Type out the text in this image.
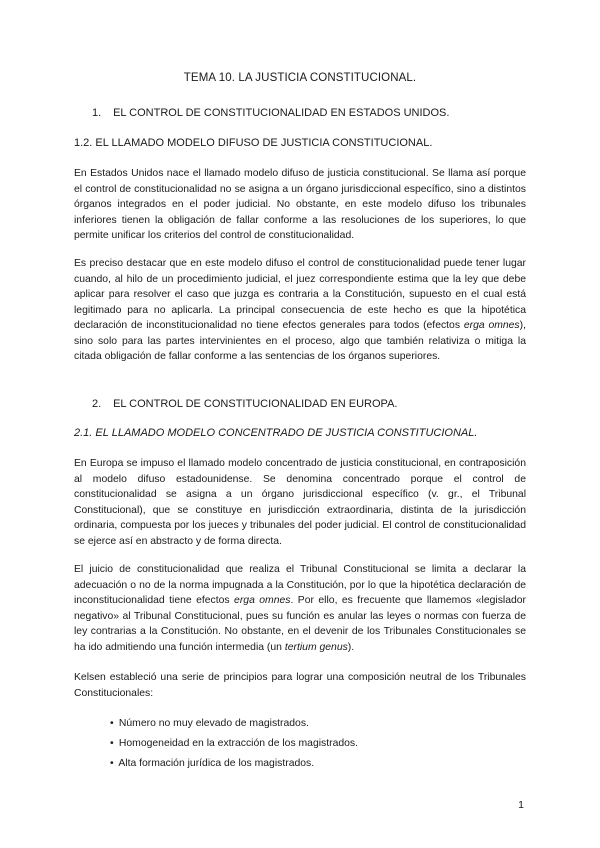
TEMA 10. LA JUSTICIA CONSTITUCIONAL.
1. EL CONTROL DE CONSTITUCIONALIDAD EN ESTADOS UNIDOS.
1.2. EL LLAMADO MODELO DIFUSO DE JUSTICIA CONSTITUCIONAL.

En Estados Unidos nace el llamado modelo difuso de justicia constitucional. Se llama así porque el control de constitucionalidad no se asigna a un órgano jurisdiccional específico, sino a distintos órganos integrados en el poder judicial. No obstante, en este modelo difuso los tribunales inferiores tienen la obligación de fallar conforme a las resoluciones de los superiores, lo que permite unificar los criterios del control de constitucionalidad.

Es preciso destacar que en este modelo difuso el control de constitucionalidad puede tener lugar cuando, al hilo de un procedimiento judicial, el juez correspondiente estima que la ley que debe aplicar para resolver el caso que juzga es contraria a la Constitución, supuesto en el cual está legitimado para no aplicarla. La principal consecuencia de este hecho es que la hipotética declaración de inconstitucionalidad no tiene efectos generales para todos (efectos erga omnes), sino solo para las partes intervinientes en el proceso, algo que también relativiza o mitiga la citada obligación de fallar conforme a las sentencias de los órganos superiores.

2. EL CONTROL DE CONSTITUCIONALIDAD EN EUROPA.
2.1. EL LLAMADO MODELO CONCENTRADO DE JUSTICIA CONSTITUCIONAL.

En Europa se impuso el llamado modelo concentrado de justicia constitucional, en contraposición al modelo difuso estadounidense. Se denomina concentrado porque el control de constitucionalidad se asigna a un órgano jurisdiccional específico (v. gr., el Tribunal Constitucional), que se constituye en jurisdicción extraordinaria, distinta de la jurisdicción ordinaria, compuesta por los jueces y tribunales del poder judicial. El control de constitucionalidad se ejerce así en abstracto y de forma directa.

El juicio de constitucionalidad que realiza el Tribunal Constitucional se limita a declarar la adecuación o no de la norma impugnada a la Constitución, por lo que la hipotética declaración de inconstitucionalidad tiene efectos erga omnes. Por ello, es frecuente que llamemos «legislador negativo» al Tribunal Constitucional, pues su función es anular las leyes o normas con fuerza de ley contrarias a la Constitución. No obstante, en el devenir de los Tribunales Constitucionales se ha ido admitiendo una función intermedia (un tertium genus).

Kelsen estableció una serie de principios para lograr una composición neutral de los Tribunales Constitucionales:

• Número no muy elevado de magistrados.
• Homogeneidad en la extracción de los magistrados.
• Alta formación jurídica de los magistrados.
1
